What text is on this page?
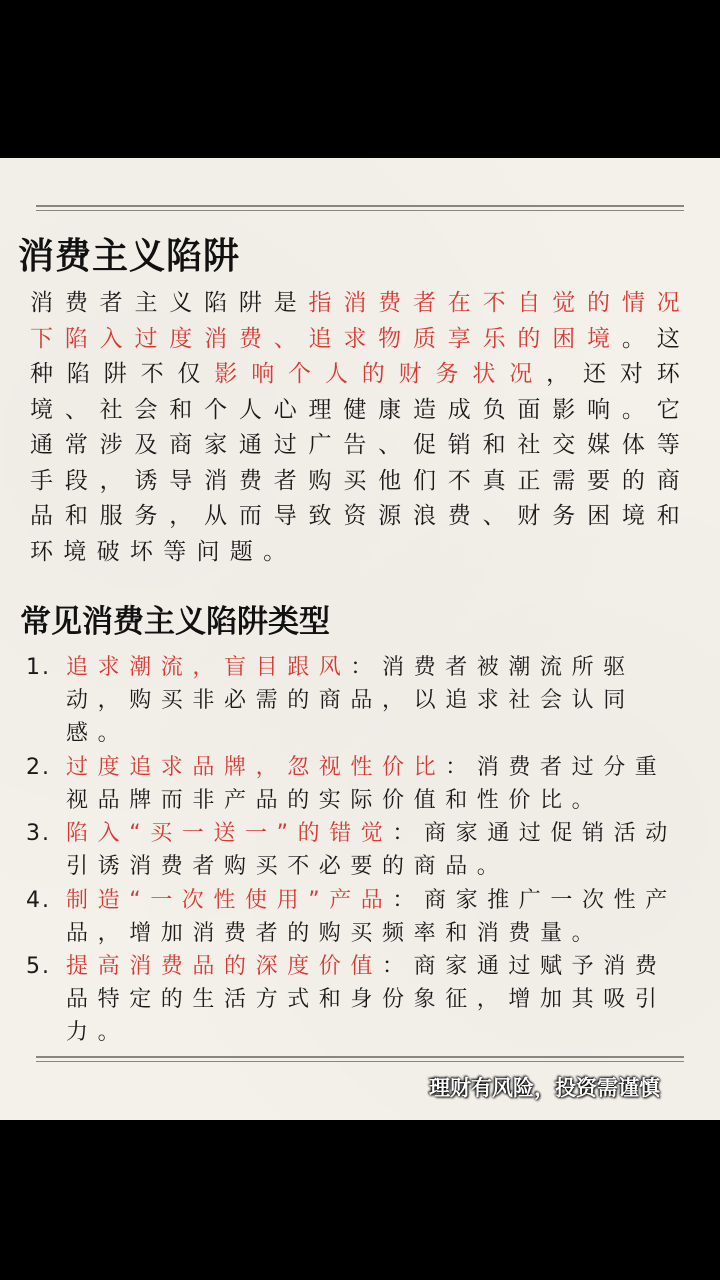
消费主义陷阱
消费者主义陷阱是指消费者在不自觉的情况下陷入过度消费、追求物质享乐的困境。这种陷阱不仅影响个人的财务状况，还对环境、社会和个人心理健康造成负面影响。它通常涉及商家通过广告、促销和社交媒体等手段，诱导消费者购买他们不真正需要的商品和服务，从而导致资源浪费、财务困境和环境破坏等问题。
常见消费主义陷阱类型
1. 追求潮流，盲目跟风：消费者被潮流所驱动，购买非必需的商品，以追求社会认同感。
2. 过度追求品牌，忽视性价比：消费者过分重视品牌而非产品的实际价值和性价比。
3. 陷入“买一送一”的错觉：商家通过促销活动引诱消费者购买不必要的商品。
4. 制造“一次性使用”产品：商家推广一次性产品，增加消费者的购买频率和消费量。
5. 提高消费品的深度价值：商家通过赋予消费品特定的生活方式和身份象征，增加其吸引力。
理财有风险，投资需谨慎
